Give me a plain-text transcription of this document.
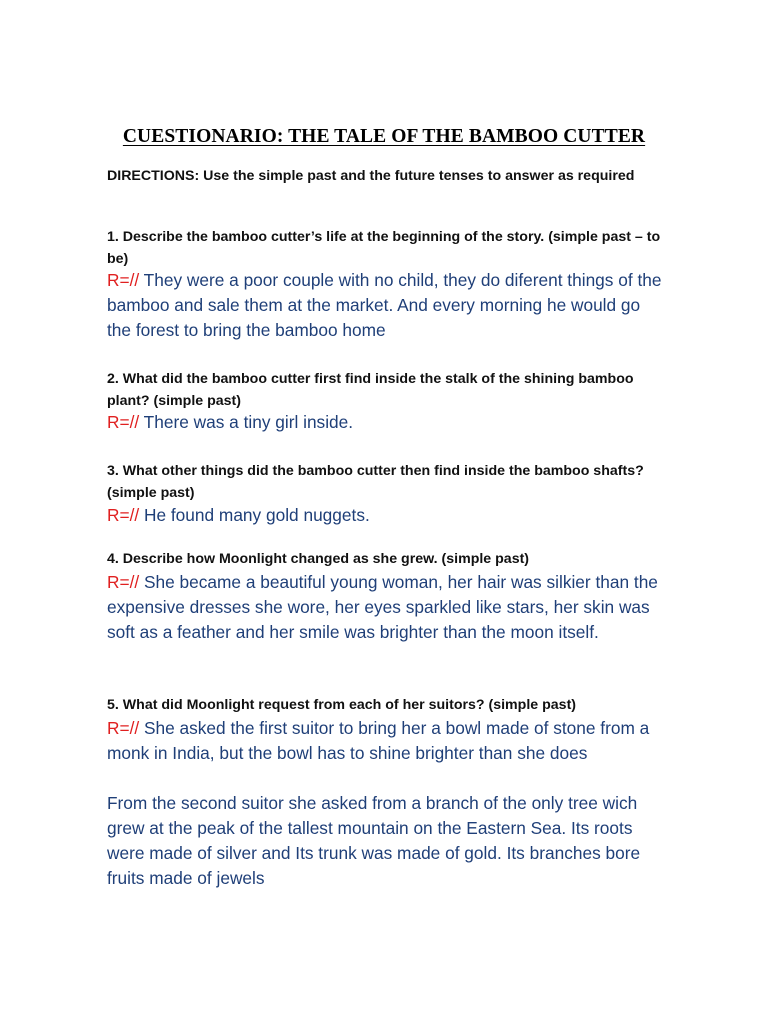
CUESTIONARIO: THE TALE OF THE BAMBOO CUTTER
DIRECTIONS: Use the simple past and the future tenses to answer as required
1. Describe the bamboo cutter’s life at the beginning of the story. (simple past – to be)
R=// They were a poor couple with no child, they do diferent things of the bamboo and sale them at the market. And every morning he would go the forest to bring the bamboo home
2. What did the bamboo cutter first find inside the stalk of the shining bamboo plant? (simple past)
R=// There was a tiny girl inside.
3. What other things did the bamboo cutter then find inside the bamboo shafts? (simple past)
R=// He found many gold nuggets.
4. Describe how Moonlight changed as she grew. (simple past)
R=// She became a beautiful young woman, her hair was silkier than the expensive dresses she wore, her eyes sparkled like stars, her skin was soft as a feather and her smile was brighter than the moon itself.
5. What did Moonlight request from each of her suitors? (simple past)
R=// She asked the first suitor to bring her a bowl made of stone from a monk in India, but the bowl has to shine brighter than she does
From the second suitor she asked from a branch of the only tree wich grew at the peak of the tallest mountain on the Eastern Sea. Its roots were made of silver and Its trunk was made of gold. Its branches bore fruits made of jewels
